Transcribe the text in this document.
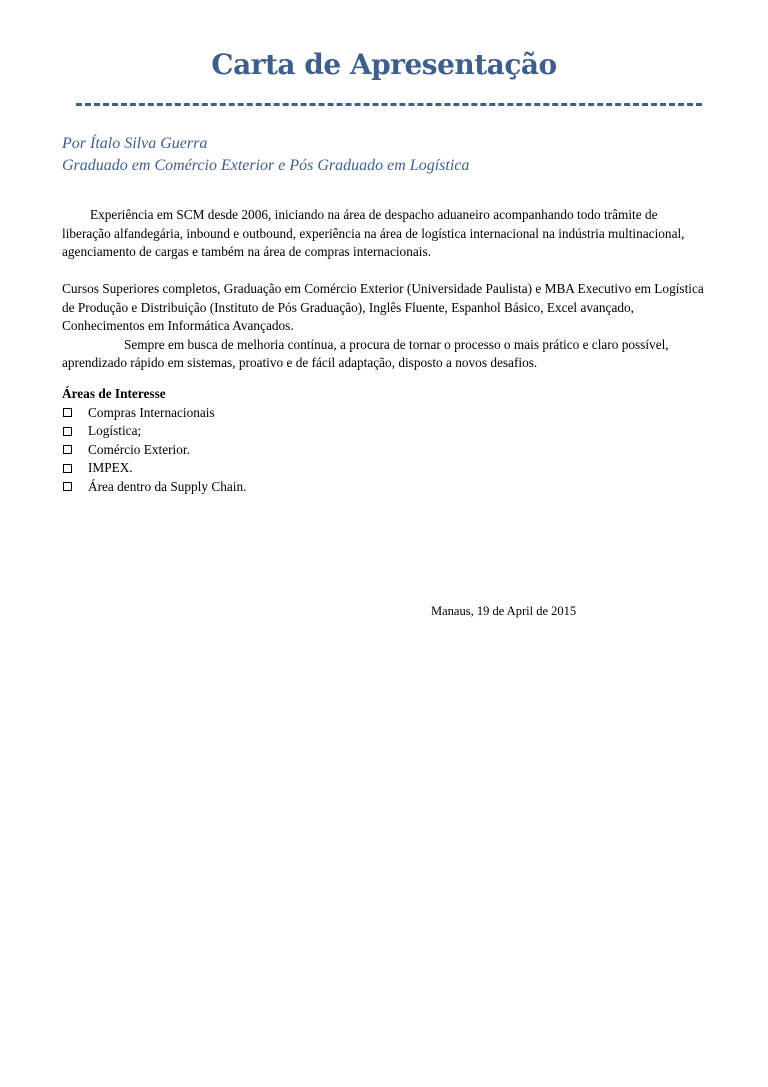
Carta de Apresentação
Por Ítalo Silva Guerra
Graduado em Comércio Exterior e Pós Graduado em Logística

Experiência em SCM desde 2006, iniciando na área de despacho aduaneiro acompanhando todo trâmite de liberação alfandegária, inbound e outbound, experiência na área de logística internacional na indústria multinacional, agenciamento de cargas e também na área de compras internacionais.

Cursos Superiores completos, Graduação em Comércio Exterior (Universidade Paulista) e MBA Executivo em Logística de Produção e Distribuição (Instituto de Pós Graduação), Inglês Fluente, Espanhol Básico, Excel avançado, Conhecimentos em Informática Avançados.
Sempre em busca de melhoria contínua, a procura de tornar o processo o mais prático e claro possível, aprendizado rápido em sistemas, proativo e de fácil adaptação, disposto a novos desafios.

Áreas de Interesse
Compras Internacionais
Logística;
Comércio Exterior.
IMPEX.
Área dentro da Supply Chain.
Manaus, 19 de April de 2015
